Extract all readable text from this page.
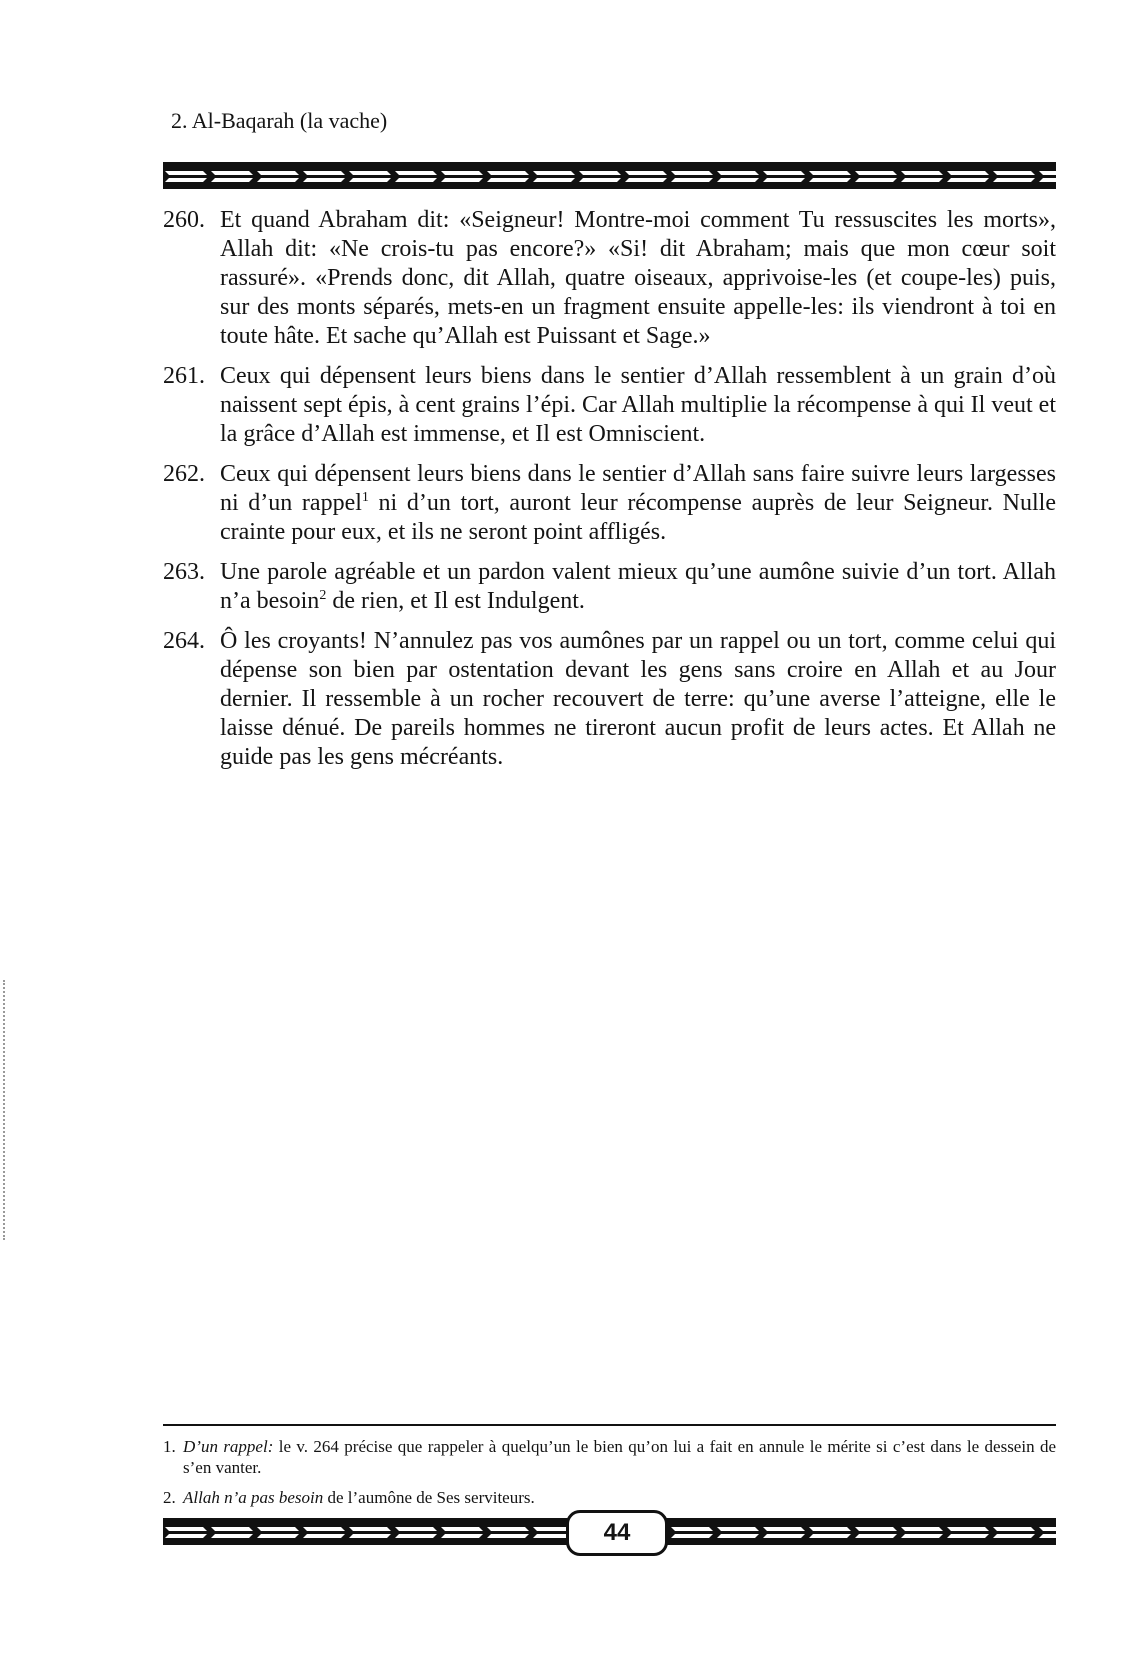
2. Al-Baqarah (la vache)
260. Et quand Abraham dit: «Seigneur! Montre-moi comment Tu ressuscites les morts», Allah dit: «Ne crois-tu pas encore?» «Si! dit Abraham; mais que mon cœur soit rassuré». «Prends donc, dit Allah, quatre oiseaux, apprivoise-les (et coupe-les) puis, sur des monts séparés, mets-en un fragment ensuite appelle-les: ils viendront à toi en toute hâte. Et sache qu’Allah est Puissant et Sage.»
261. Ceux qui dépensent leurs biens dans le sentier d’Allah ressemblent à un grain d’où naissent sept épis, à cent grains l’épi. Car Allah multiplie la récompense à qui Il veut et la grâce d’Allah est immense, et Il est Omniscient.
262. Ceux qui dépensent leurs biens dans le sentier d’Allah sans faire suivre leurs largesses ni d’un rappel$^1$ ni d’un tort, auront leur récompense auprès de leur Seigneur. Nulle crainte pour eux, et ils ne seront point affligés.
263. Une parole agréable et un pardon valent mieux qu’une aumône suivie d’un tort. Allah n’a besoin$^2$ de rien, et Il est Indulgent.
264. Ô les croyants! N’annulez pas vos aumônes par un rappel ou un tort, comme celui qui dépense son bien par ostentation devant les gens sans croire en Allah et au Jour dernier. Il ressemble à un rocher recouvert de terre: qu’une averse l’atteigne, elle le laisse dénué. De pareils hommes ne tireront aucun profit de leurs actes. Et Allah ne guide pas les gens mécréants.
1. D’un rappel: le v. 264 précise que rappeler à quelqu’un le bien qu’on lui a fait en annule le mérite si c’est dans le dessein de s’en vanter.
2. Allah n’a pas besoin de l’aumône de Ses serviteurs.
44
